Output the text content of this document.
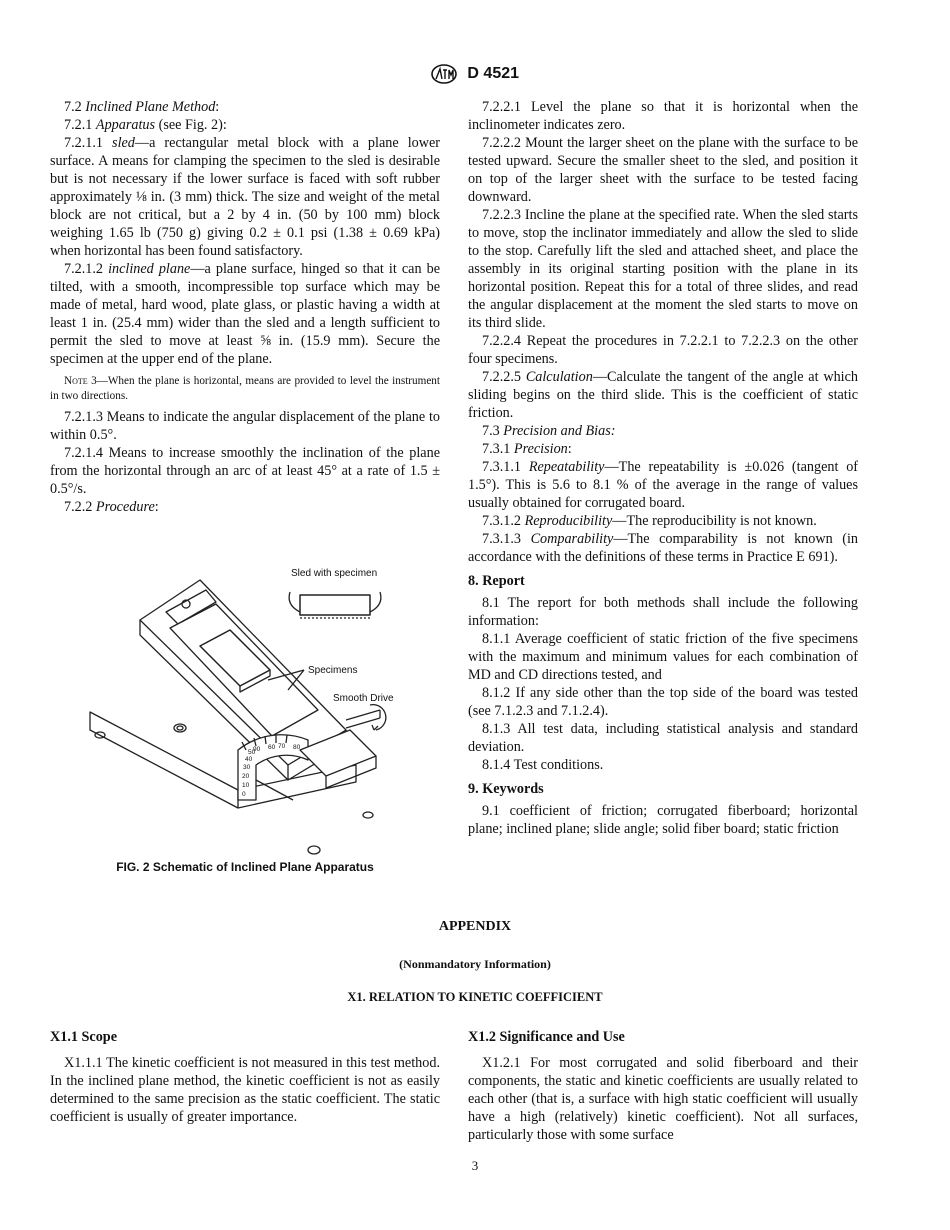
D 4521

7.2 Inclined Plane Method:

7.2.1 Apparatus (see Fig. 2):

7.2.1.1 sled—a rectangular metal block with a plane lower surface. A means for clamping the specimen to the sled is desirable but is not necessary if the lower surface is faced with soft rubber approximately ⅛ in. (3 mm) thick. The size and weight of the metal block are not critical, but a 2 by 4 in. (50 by 100 mm) block weighing 1.65 lb (750 g) giving 0.2 ± 0.1 psi (1.38 ± 0.69 kPa) when horizontal has been found satisfactory.

7.2.1.2 inclined plane—a plane surface, hinged so that it can be tilted, with a smooth, incompressible top surface which may be made of metal, hard wood, plate glass, or plastic having a width at least 1 in. (25.4 mm) wider than the sled and a length sufficient to permit the sled to move at least ⅝ in. (15.9 mm). Secure the specimen at the upper end of the plane.

Note 3—When the plane is horizontal, means are provided to level the instrument in two directions.

7.2.1.3 Means to indicate the angular displacement of the plane to within 0.5°.

7.2.1.4 Means to increase smoothly the inclination of the plane from the horizontal through an arc of at least 45° at a rate of 1.5 ± 0.5°/s.

7.2.2 Procedure:

Sled with specimen
Specimens
Smooth Drive
0
10
20
30
40
50
60 70 80
90
FIG. 2 Schematic of Inclined Plane Apparatus

7.2.2.1 Level the plane so that it is horizontal when the inclinometer indicates zero.

7.2.2.2 Mount the larger sheet on the plane with the surface to be tested upward. Secure the smaller sheet to the sled, and position it on top of the larger sheet with the surface to be tested facing downward.

7.2.2.3 Incline the plane at the specified rate. When the sled starts to move, stop the inclinator immediately and allow the sled to slide to the stop. Carefully lift the sled and attached sheet, and place the assembly in its original starting position with the plane in its horizontal position. Repeat this for a total of three slides, and read the angular displacement at the moment the sled starts to move on its third slide.

7.2.2.4 Repeat the procedures in 7.2.2.1 to 7.2.2.3 on the other four specimens.

7.2.2.5 Calculation—Calculate the tangent of the angle at which sliding begins on the third slide. This is the coefficient of static friction.

7.3 Precision and Bias:

7.3.1 Precision:

7.3.1.1 Repeatability—The repeatability is ±0.026 (tangent of 1.5°). This is 5.6 to 8.1 % of the average in the range of values usually obtained for corrugated board.

7.3.1.2 Reproducibility—The reproducibility is not known.

7.3.1.3 Comparability—The comparability is not known (in accordance with the definitions of these terms in Practice E 691).

8. Report

8.1 The report for both methods shall include the following information:

8.1.1 Average coefficient of static friction of the five specimens with the maximum and minimum values for each combination of MD and CD directions tested, and

8.1.2 If any side other than the top side of the board was tested (see 7.1.2.3 and 7.1.2.4).

8.1.3 All test data, including statistical analysis and standard deviation.

8.1.4 Test conditions.

9. Keywords

9.1 coefficient of friction; corrugated fiberboard; horizontal plane; inclined plane; slide angle; solid fiber board; static friction

APPENDIX
(Nonmandatory Information)
X1. RELATION TO KINETIC COEFFICIENT

X1.1 Scope

X1.1.1 The kinetic coefficient is not measured in this test method. In the inclined plane method, the kinetic coefficient is not as easily determined to the same precision as the static coefficient. The static coefficient is usually of greater importance.

X1.2 Significance and Use

X1.2.1 For most corrugated and solid fiberboard and their components, the static and kinetic coefficients are usually related to each other (that is, a surface with high static coefficient will usually have a high (relatively) kinetic coefficient). Not all surfaces, particularly those with some surface

3
